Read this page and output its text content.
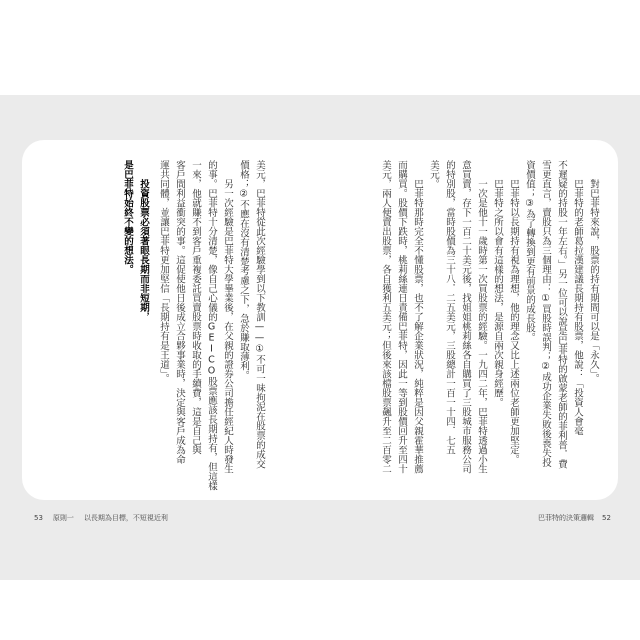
對巴菲特來說，股票的持有期間可以是「永久」。
巴菲特的老師葛拉漢建議長期持有股票，他說：「投資人會毫
不遲疑的持股一年左右。」另一位可以說是巴菲特的啟蒙老師的菲利普．費
雪更直言，賣股只為三個理由：①買股時誤判；②成功企業失敗後喪失投
資價值；③為了轉換到更有前景的成長股。
巴菲特以長期持有視為理想，他的理念又比上述兩位老師更加堅定。
巴菲特之所以會有這樣的想法，是源自兩次親身經歷。
一次是他十一歲時第一次買股票的經驗。一九四二年，巴菲特透過小生
意買賣，存下一百二十美元後，找姐姐桃莉絲各自購買了三股城市服務公司
的特別股，當時股價為三十八．二五美元，三股總計一百一十四．七五
美元。
巴菲特那時完全不懂股票，也不了解企業狀況，純粹是因父親霍華推薦
而購買。股價下跌時，桃莉絲連日責備巴菲特，因此一等到股價回升至四十
美元，兩人便賣出股票，各自獲利五美元；但後來該檔股票飆升至二百零二
巴菲特的決策邏輯 52
美元，巴菲特從此次經驗學到以下教訓——①不可一味拘泥在股票的成交
價格；②不應在沒有清楚考慮之下，急於賺取薄利。
另一次經驗是巴菲特大學畢業後，在父親的證券公司擔任經紀人時發生
的事。巴菲特十分清楚，像自己心儀的GEICO股票應該長期持有，但這樣
一來，他就賺不到客戶重複委託買賣股票時收取的手續費，這是自己與
客戶間利益衝突的事。這促使他日後成立合夥事業時，決定與客戶成為命
運共同體，並讓巴菲特更加堅信「長期持有是王道」。
投資股票必須著眼長期而非短期，
是巴菲特始終不變的想法。
53 原則一 以長期為目標，不短視近利
